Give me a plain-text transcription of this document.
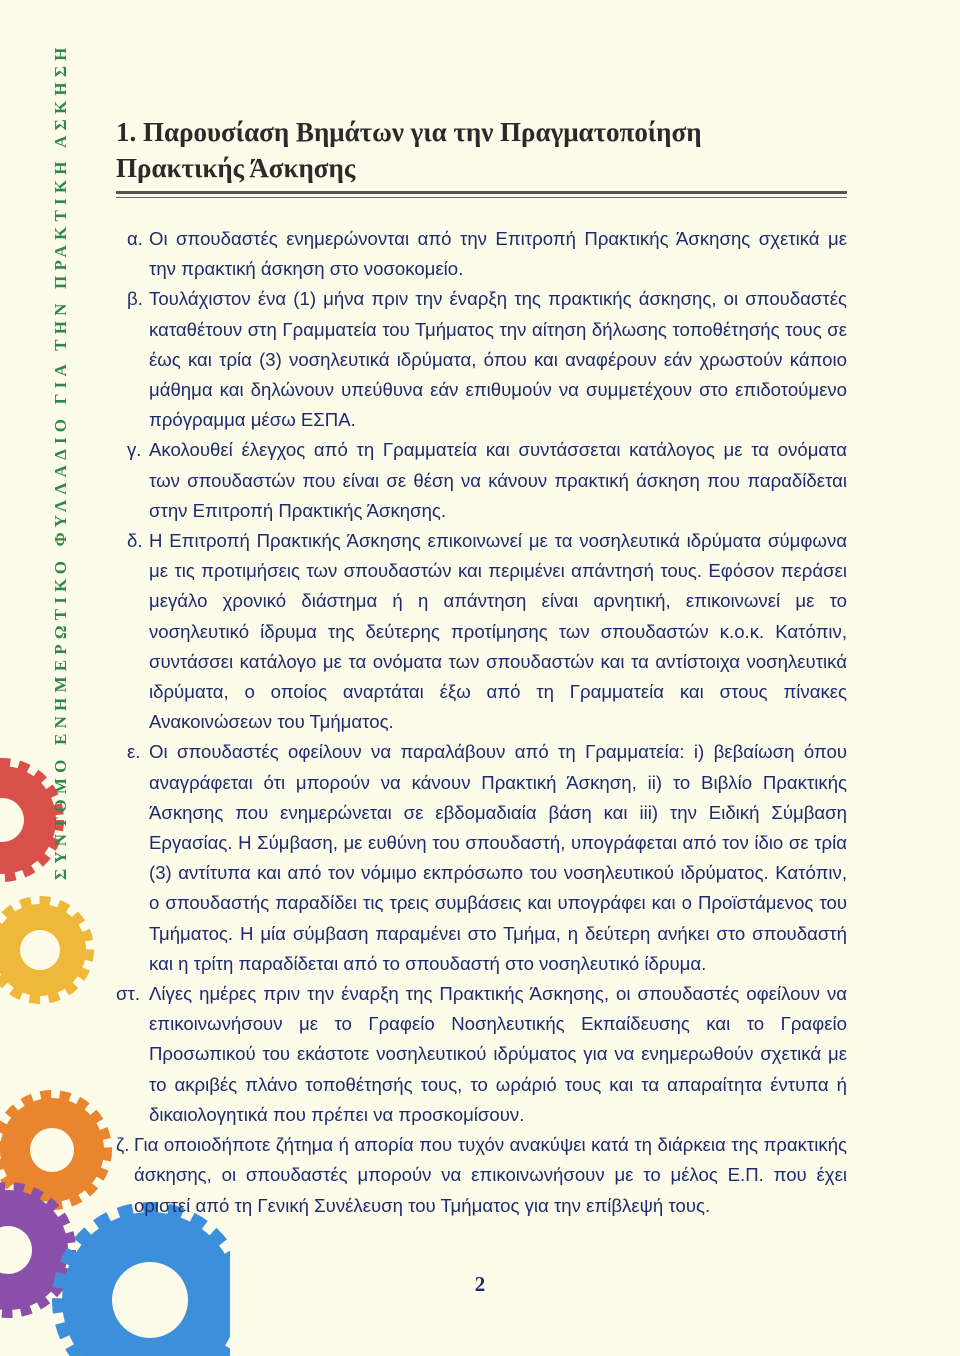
ΣΥΝΤΟΜΟ ΕΝΗΜΕΡΩΤΙΚΟ ΦΥΛΛΑΔΙΟ ΓΙΑ ΤΗΝ ΠΡΑΚΤΙΚΗ ΑΣΚΗΣΗ 1. Παρουσίαση Βημάτων για την Πραγματοποίηση Πρακτικής Άσκησης
α. Οι σπουδαστές ενημερώνονται από την Επιτροπή Πρακτικής Άσκησης σχετικά με την πρακτική άσκηση στο νοσοκομείο.
β. Τουλάχιστον ένα (1) μήνα πριν την έναρξη της πρακτικής άσκησης, οι σπουδαστές καταθέτουν στη Γραμματεία του Τμήματος την αίτηση δήλωσης τοποθέτησής τους σε έως και τρία (3) νοσηλευτικά ιδρύματα, όπου και αναφέρουν εάν χρωστούν κάποιο μάθημα και δηλώνουν υπεύθυνα εάν επιθυμούν να συμμετέχουν στο επιδοτούμενο πρόγραμμα μέσω ΕΣΠΑ.
γ. Ακολουθεί έλεγχος από τη Γραμματεία και συντάσσεται κατάλογος με τα ονόματα των σπουδαστών που είναι σε θέση να κάνουν πρακτική άσκηση που παραδίδεται στην Επιτροπή Πρακτικής Άσκησης.
δ. Η Επιτροπή Πρακτικής Άσκησης επικοινωνεί με τα νοσηλευτικά ιδρύματα σύμφωνα με τις προτιμήσεις των σπουδαστών και περιμένει απάντησή τους. Εφόσον περάσει μεγάλο χρονικό διάστημα ή η απάντηση είναι αρνητική, επικοινωνεί με το νοσηλευτικό ίδρυμα της δεύτερης προτίμησης των σπουδαστών κ.ο.κ. Κατόπιν, συντάσσει κατάλογο με τα ονόματα των σπουδαστών και τα αντίστοιχα νοσηλευτικά ιδρύματα, ο οποίος αναρτάται έξω από τη Γραμματεία και στους πίνακες Ανακοινώσεων του Τμήματος.
ε. Οι σπουδαστές οφείλουν να παραλάβουν από τη Γραμματεία: i) βεβαίωση όπου αναγράφεται ότι μπορούν να κάνουν Πρακτική Άσκηση, ii) το Βιβλίο Πρακτικής Άσκησης που ενημερώνεται σε εβδομαδιαία βάση και iii) την Ειδική Σύμβαση Εργασίας. Η Σύμβαση, με ευθύνη του σπουδαστή, υπογράφεται από τον ίδιο σε τρία (3) αντίτυπα και από τον νόμιμο εκπρόσωπο του νοσηλευτικού ιδρύματος. Κατόπιν, ο σπουδαστής παραδίδει τις τρεις συμβάσεις και υπογράφει και ο Προϊστάμενος του Τμήματος. Η μία σύμβαση παραμένει στο Τμήμα, η δεύτερη ανήκει στο σπουδαστή και η τρίτη παραδίδεται από το σπουδαστή στο νοσηλευτικό ίδρυμα.
στ. Λίγες ημέρες πριν την έναρξη της Πρακτικής Άσκησης, οι σπουδαστές οφείλουν να επικοινωνήσουν με το Γραφείο Νοσηλευτικής Εκπαίδευσης και το Γραφείο Προσωπικού του εκάστοτε νοσηλευτικού ιδρύματος για να ενημερωθούν σχετικά με το ακριβές πλάνο τοποθέτησής τους, το ωράριό τους και τα απαραίτητα έντυπα ή δικαιολογητικά που πρέπει να προσκομίσουν.
ζ. Για οποιοδήποτε ζήτημα ή απορία που τυχόν ανακύψει κατά τη διάρκεια της πρακτικής άσκησης, οι σπουδαστές μπορούν να επικοινωνήσουν με το μέλος Ε.Π. που έχει οριστεί από τη Γενική Συνέλευση του Τμήματος για την επίβλεψή τους.
2
